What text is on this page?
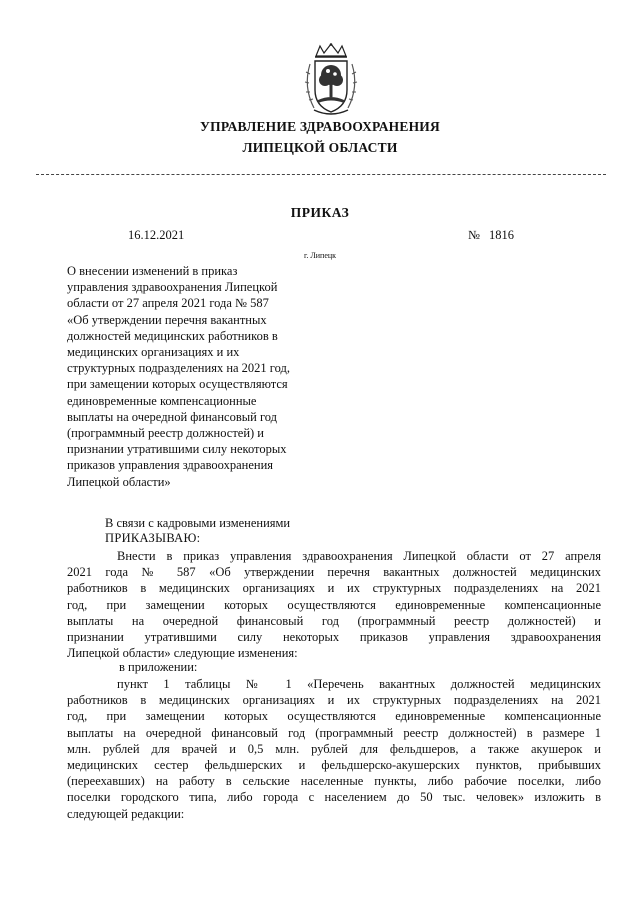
УПРАВЛЕНИЕ ЗДРАВООХРАНЕНИЯ
ЛИПЕЦКОЙ ОБЛАСТИ
ПРИКАЗ
16.12.2021	№ 1816
г. Липецк

О внесении изменений в приказ
управления здравоохранения Липецкой
области от 27 апреля 2021 года № 587
«Об утверждении перечня вакантных
должностей медицинских работников в
медицинских организациях и их
структурных подразделениях на 2021 год,
при замещении которых осуществляются
единовременные компенсационные
выплаты на очередной финансовый год
(программный реестр должностей) и
признании утратившими силу некоторых
приказов управления здравоохранения
Липецкой области»

В связи с кадровыми изменениями

ПРИКАЗЫВАЮ:

Внести в приказ управления здравоохранения Липецкой области от 27 апреля
2021 года № 587 «Об утверждении перечня вакантных должностей медицинских
работников в медицинских организациях и их структурных подразделениях на 2021
год, при замещении которых осуществляются единовременные компенсационные
выплаты на очередной финансовый год (программный реестр должностей) и
признании утратившими силу некоторых приказов управления здравоохранения
Липецкой области» следующие изменения:

в приложении:

пункт 1 таблицы № 1 «Перечень вакантных должностей медицинских
работников в медицинских организациях и их структурных подразделениях на 2021
год, при замещении которых осуществляются единовременные компенсационные
выплаты на очередной финансовый год (программный реестр должностей) в размере 1
млн. рублей для врачей и 0,5 млн. рублей для фельдшеров, а также акушерок и
медицинских сестер фельдшерских и фельдшерско-акушерских пунктов, прибывших
(переехавших) на работу в сельские населенные пункты, либо рабочие поселки, либо
поселки городского типа, либо города с населением до 50 тыс. человек» изложить в
следующей редакции:
